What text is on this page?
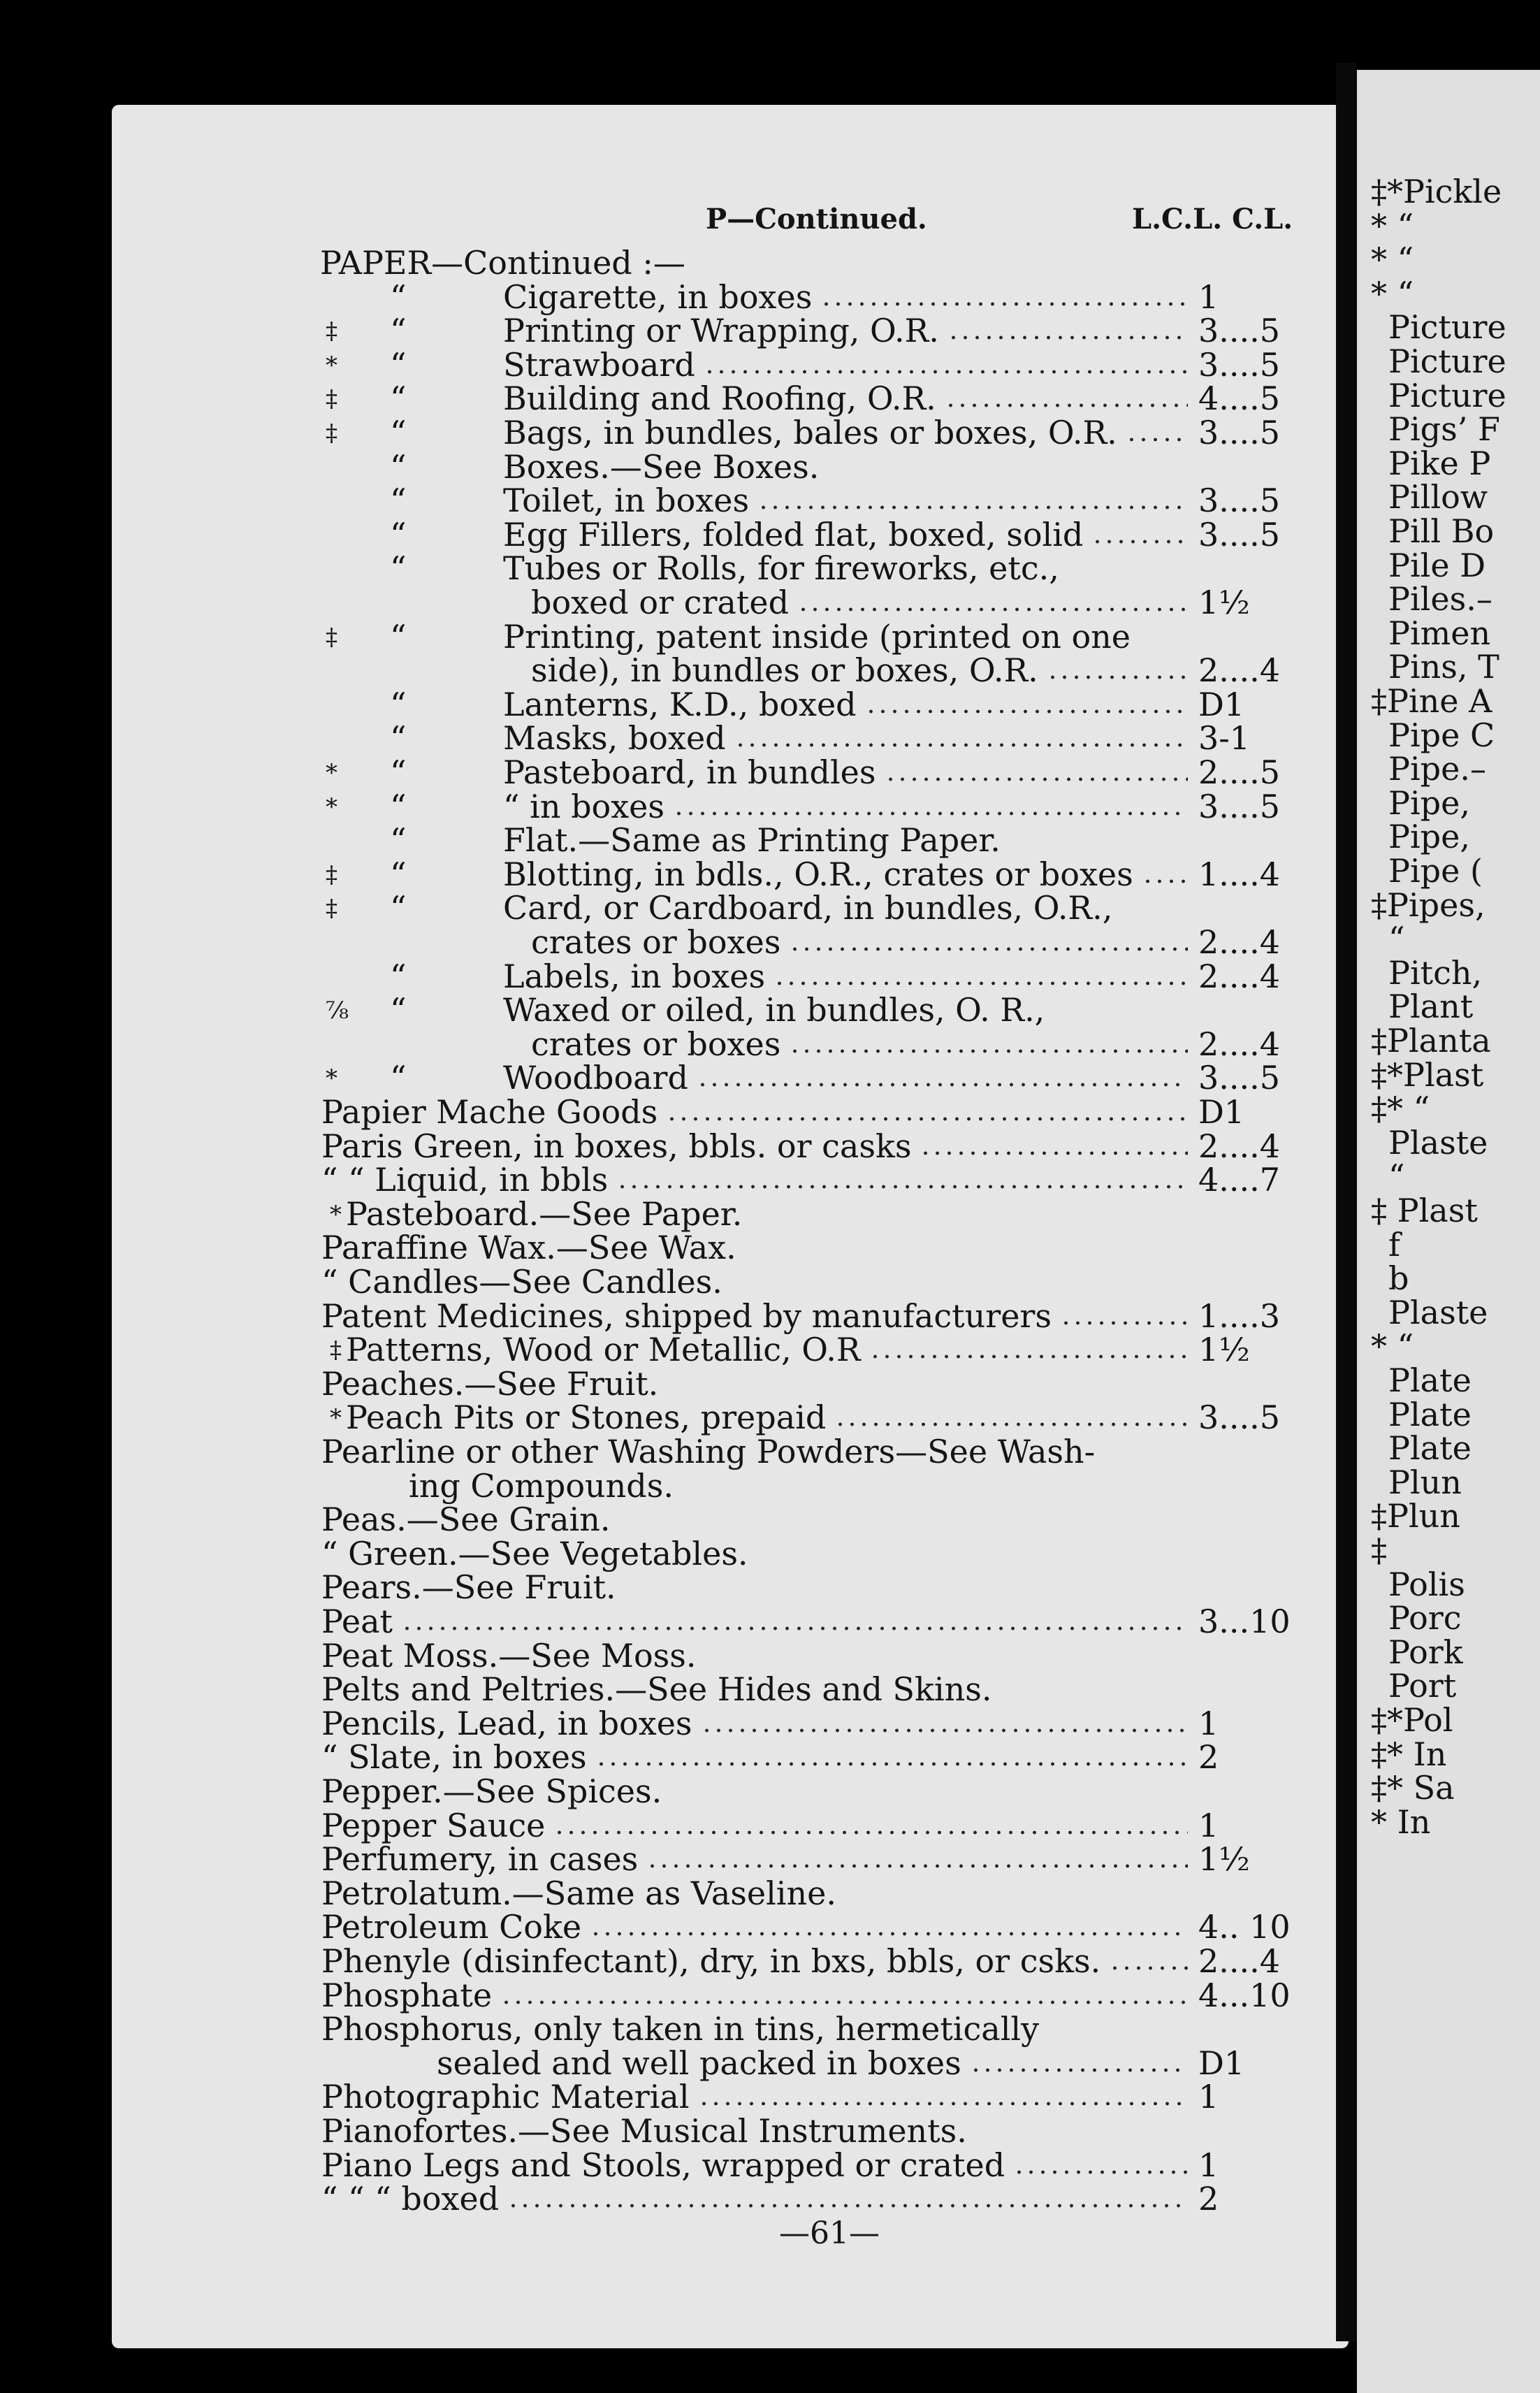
‡*Pickle
* “
* “
* “
Picture
Picture
Picture
Pigs’ F
Pike P
Pillow
Pill Bo
Pile D
Piles.–
Pimen
Pins, T
‡Pine A
Pipe C
Pipe.–
Pipe,
Pipe,
Pipe (
‡Pipes,
“
Pitch,
Plant
‡Planta
‡*Plast
‡* “
Plaste
“
‡ Plast
f
b
Plaste
* “
Plate
Plate
Plate
Plun
‡Plun
‡
Polis
Porc
Pork
Port
‡*Pol
‡* In
‡* Sa
* In
P—Continued.	L.C.L. C.L.
PAPER—Continued :—
“	Cigarette, in boxes	1
‡ “	Printing or Wrapping, O.R.	3....5
* “	Strawboard	3....5
‡ “	Building and Roofing, O.R.	4....5
‡ “	Bags, in bundles, bales or boxes, O.R.	3....5
“	Boxes.—See Boxes.
“	Toilet, in boxes	3....5
“	Egg Fillers, folded flat, boxed, solid	3....5
“	Tubes or Rolls, for fireworks, etc.,
boxed or crated	1½
‡ “	Printing, patent inside (printed on one
side), in bundles or boxes, O.R.	2....4
“	Lanterns, K.D., boxed	D1
“	Masks, boxed	3-1
* “	Pasteboard, in bundles	2....5
* “	“ in boxes	3....5
“	Flat.—Same as Printing Paper.
‡ “	Blotting, in bdls., O.R., crates or boxes 1....4
‡ “	Card, or Cardboard, in bundles, O.R.,
crates or boxes	2....4
“	Labels, in boxes	2....4
⅞ “	Waxed or oiled, in bundles, O. R.,
crates or boxes	2....4
* “	Woodboard	3....5
Papier Mache Goods	D1
Paris Green, in boxes, bbls. or casks	2....4
“ “ Liquid, in bbls	4....7
* Pasteboard.—See Paper.
Paraffine Wax.—See Wax.
“ Candles—See Candles.
Patent Medicines, shipped by manufacturers	1....3
‡ Patterns, Wood or Metallic, O.R	1½
Peaches.—See Fruit.
* Peach Pits or Stones, prepaid	3....5
Pearline or other Washing Powders—See Wash-
ing Compounds.
Peas.—See Grain.
“ Green.—See Vegetables.
Pears.—See Fruit.
Peat	3...10
Peat Moss.—See Moss.
Pelts and Peltries.—See Hides and Skins.
Pencils, Lead, in boxes	1
“ Slate, in boxes	2
Pepper.—See Spices.
Pepper Sauce	1
Perfumery, in cases	1½
Petrolatum.—Same as Vaseline.
Petroleum Coke	4.. 10
Phenyle (disinfectant), dry, in bxs, bbls, or csks.	2....4
Phosphate	4...10
Phosphorus, only taken in tins, hermetically
sealed and well packed in boxes	D1
Photographic Material	1
Pianofortes.—See Musical Instruments.
Piano Legs and Stools, wrapped or crated	1
“ “ “ boxed	2
—61—
